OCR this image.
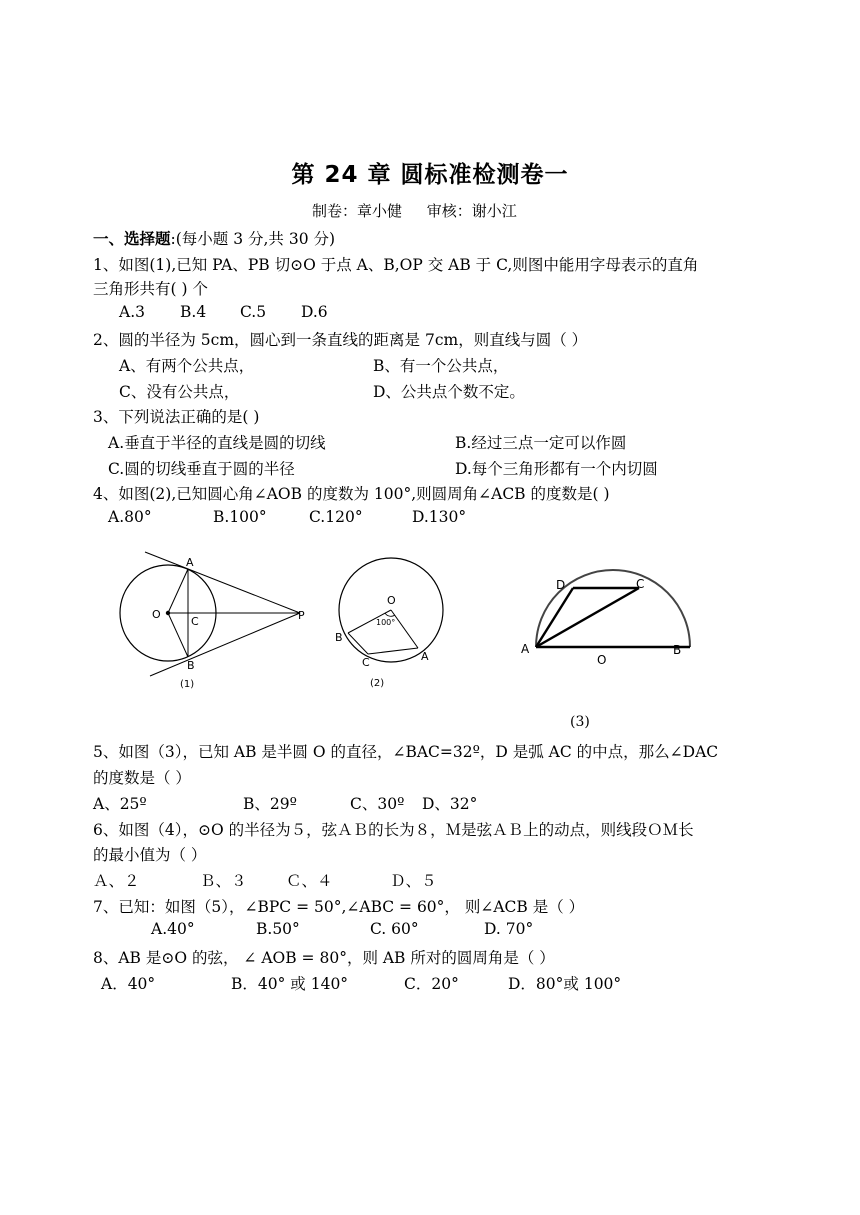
第 24 章 圆标准检测卷一
制卷：章小健 审核：谢小江
一、选择题:(每小题 3 分,共 30 分)
1、如图(1),已知 PA、PB 切⊙O 于点 A、B,OP 交 AB 于 C,则图中能用字母表示的直角
三角形共有( ) 个
A.3 B.4 C.5 D.6
2、圆的半径为 5cm，圆心到一条直线的距离是 7cm，则直线与圆（ ）
A、有两个公共点，	B、有一个公共点，
C、没有公共点，	D、公共点个数不定。
3、下列说法正确的是( )
A.垂直于半径的直线是圆的切线	B.经过三点一定可以作圆
C.圆的切线垂直于圆的半径	D.每个三角形都有一个内切圆
4、如图(2),已知圆心角∠AOB 的度数为 100°,则圆周角∠ACB 的度数是( )
A.80°	B.100°	C.120°	D.130°
A
B
C
O	P
(1)
O
100°
B
C	A
(2)
D	C
A
O
B
(3)
5、如图（3），已知 AB 是半圆 O 的直径，∠BAC=32º，D 是弧 AC 的中点，那么∠DAC
的度数是（ ）
A、25º	B、29º	C、30º D、32°
6、如图（4），⊙O 的半径为５，弦ＡＢ的长为８，Ｍ是弦ＡＢ上的动点，则线段ＯＭ长
的最小值为（ ）
Ａ、２	Ｂ、３	Ｃ、４	Ｄ、５
7、已知：如图（5），∠BPC = 50°,∠ABC = 60°， 则∠ACB 是（ ）
A.40°	B.50°	C. 60°	D. 70°
8、AB 是⊙O 的弦， ∠ AOB = 80°，则 AB 所对的圆周角是（ ）
A．40°	B．40° 或 140°	C．20°	D．80°或 100°
